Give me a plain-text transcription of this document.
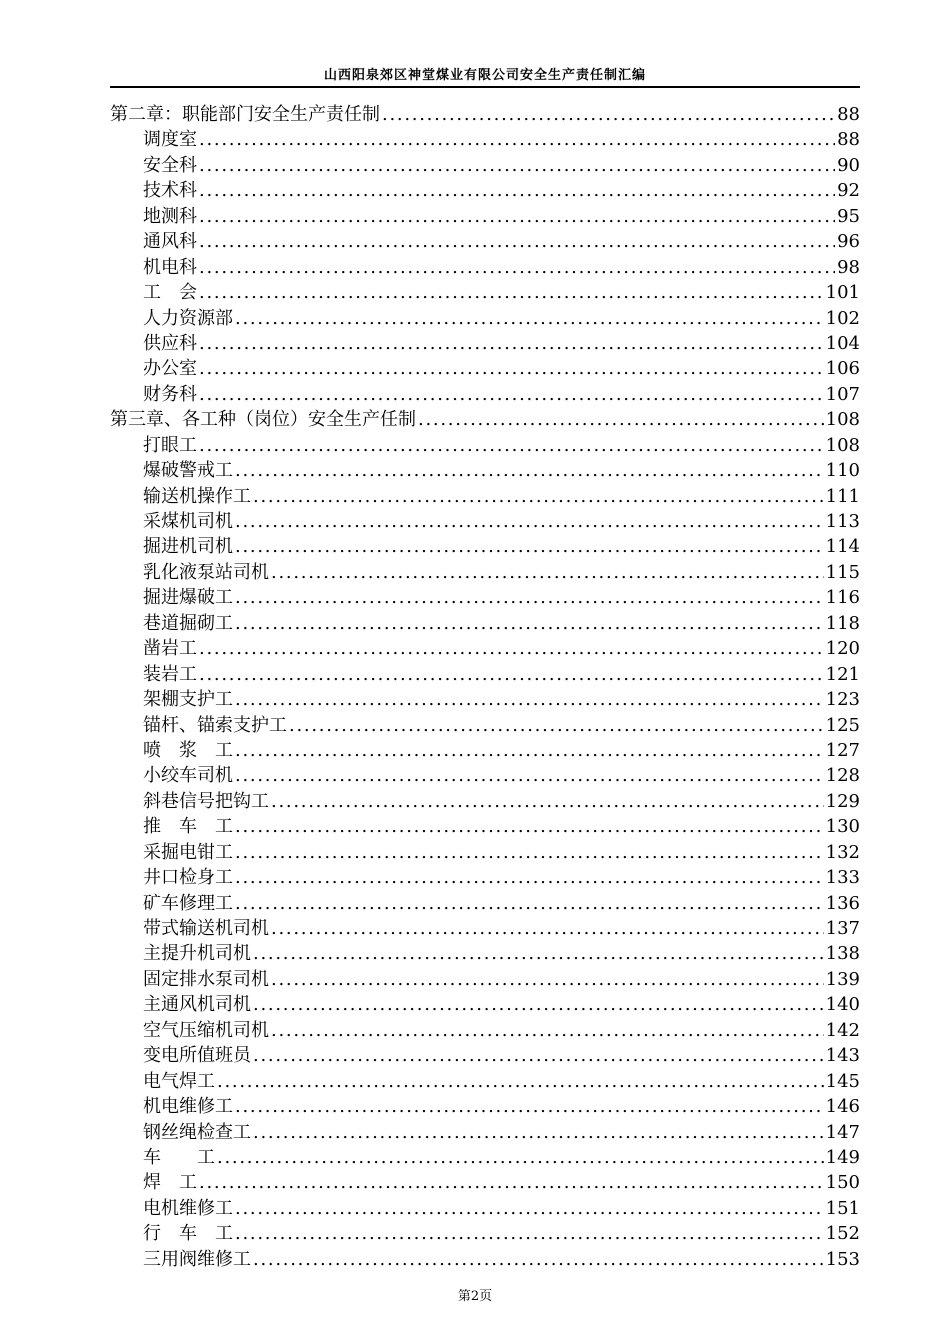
山西阳泉郊区神堂煤业有限公司安全生产责任制汇编
第二章：职能部门安全生产责任制 . . .	88
调度室 . . .	88
安全科 . . .	90
技术科 . . .	92
地测科 . . .	95
通风科 . . .	96
机电科 . . .	98
工　会 . . .	101
人力资源部 . . .	102
供应科 . . .	104
办公室 . . .	106
财务科 . . .	107
第三章、各工种（岗位）安全生产任制 . . .	108
打眼工 . . .	108
爆破警戒工 . . .	110
输送机操作工 . . .	111
采煤机司机 . . .	113
掘进机司机 . . .	114
乳化液泵站司机 . . .	115
掘进爆破工 . . .	116
巷道掘砌工 . . .	118
凿岩工 . . .	120
装岩工 . . .	121
架棚支护工 . . .	123
锚杆、锚索支护工 . . .	125
喷　浆　工 . . .	127
小绞车司机 . . .	128
斜巷信号把钩工 . . .	129
推　车　工 . . .	130
采掘电钳工 . . .	132
井口检身工 . . .	133
矿车修理工 . . .	136
带式输送机司机 . . .	137
主提升机司机 . . .	138
固定排水泵司机 . . .	139
主通风机司机 . . .	140
空气压缩机司机 . . .	142
变电所值班员 . . .	143
电气焊工 . . .	145
机电维修工 . . .	146
钢丝绳检查工 . . .	147
车　　工 . . .	149
焊　工 . . .	150
电机维修工 . . .	151
行　车　工 . . .	152
三用阀维修工 . . .	153
第2页
